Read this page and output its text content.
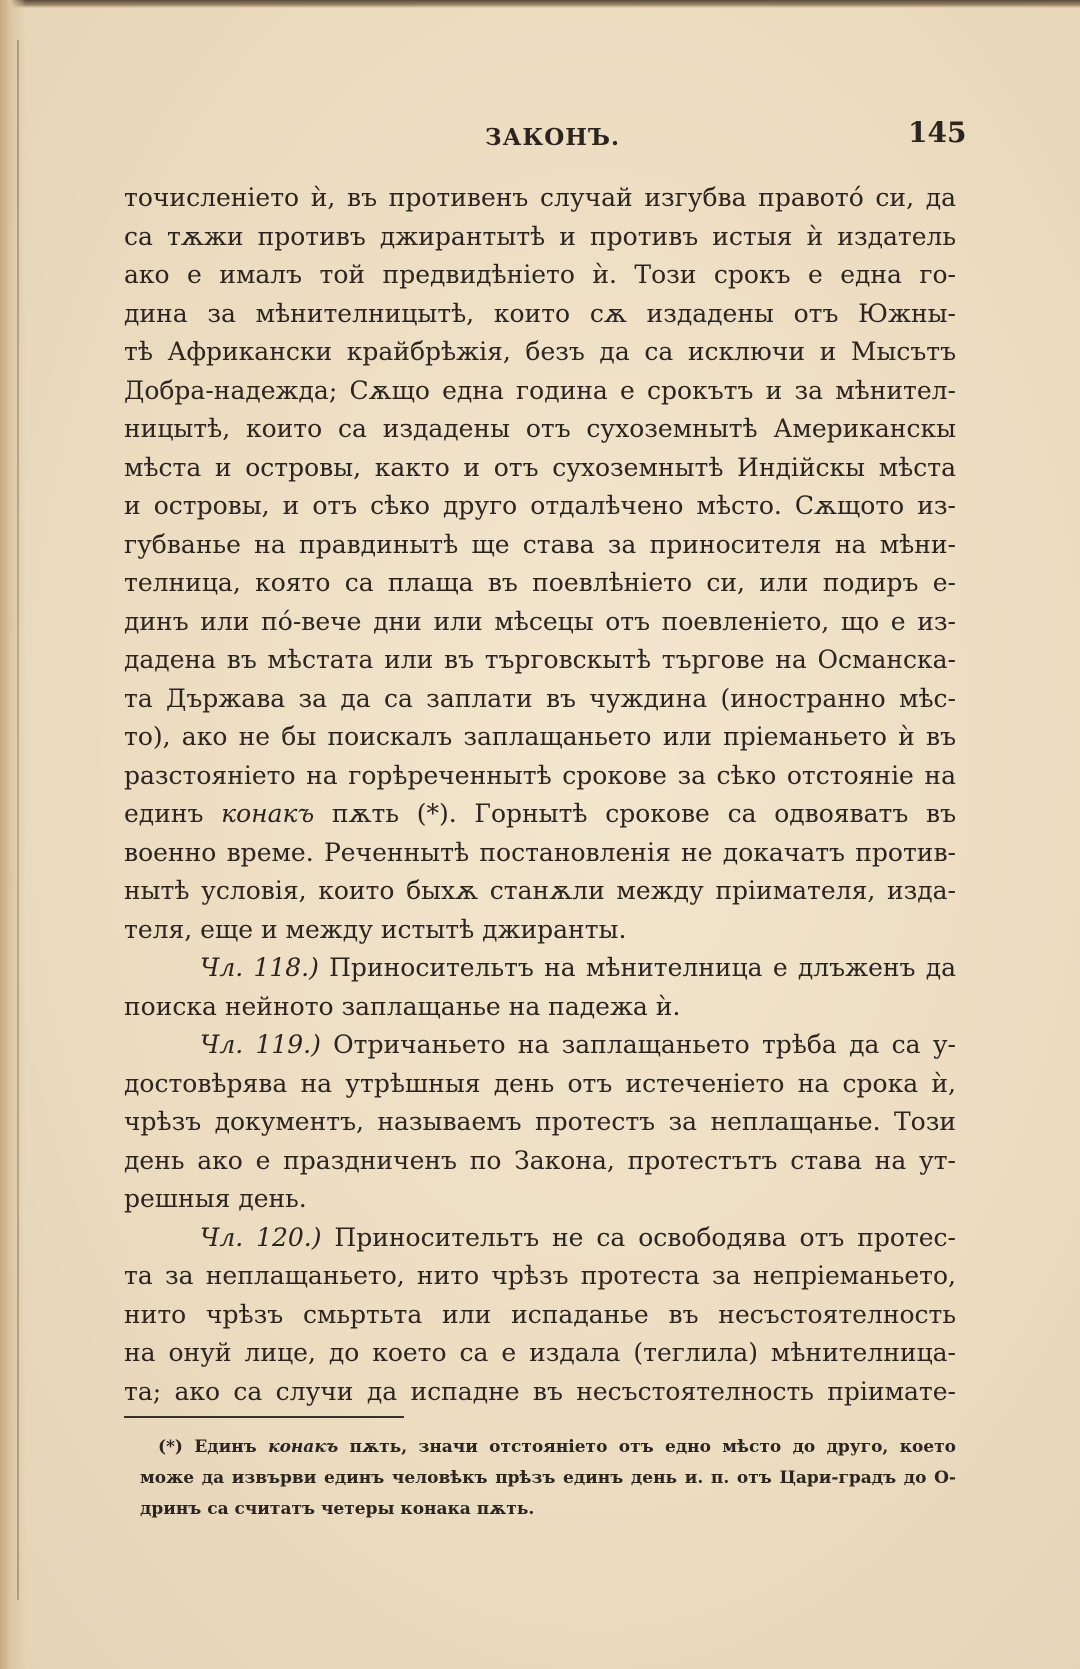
ЗАКОНЪ.	145
точисленiето ѝ, въ противенъ случай изгубва правото́ си, да
са тѫжи противъ джирантытѣ и противъ истыя ѝ издатель
ако е ималъ той предвидѣнiето ѝ. Този срокъ е една го-
дина за мѣнителницытѣ, които сѫ издадены отъ Южны-
тѣ Африкански крайбрѣжiя, безъ да са исключи и Мысътъ
Добра-надежда; Сѫщо една година е срокътъ и за мѣнител-
ницытѣ, които са издадены отъ сухоземнытѣ Американскы
мѣста и островы, както и отъ сухоземнытѣ Индiйскы мѣста
и островы, и отъ сѣко друго отдалѣчено мѣсто. Сѫщото из-
губванье на правдинытѣ ще става за приносителя на мѣни-
телница, която са плаща въ поевлѣнiето си, или подиръ е-
динъ или по́-вече дни или мѣсецы отъ поевленiето, що е из-
дадена въ мѣстата или въ търговскытѣ търгове на Османска-
та Държава за да са заплати въ чуждина (иностранно мѣс-
то), ако не бы поискалъ заплащаньето или прiеманьето ѝ въ
разстоянiето на горѣреченнытѣ срокове за сѣко отстоянiе на
единъ конакъ пѫть (*). Горнытѣ срокове са одвояватъ въ
военно време. Реченнытѣ постановленiя не докачатъ против-
нытѣ условiя, които быхѫ станѫли между прiимателя, изда-
теля, еще и между истытѣ джиранты.
Чл. 118.) Приносительтъ на мѣнителница е длъженъ да
поиска нейното заплащанье на падежа ѝ.
Чл. 119.) Отричаньето на заплащаньето трѣба да са у-
достовѣрява на утрѣшныя день отъ истеченiето на срока ѝ,
чрѣзъ документъ, называемъ протестъ за неплащанье. Този
день ако е праздниченъ по Закона, протестътъ става на ут-
решныя день.
Чл. 120.) Приносительтъ не са освободява отъ протес-
та за неплащаньето, нито чрѣзъ протеста за непрiеманьето,
нито чрѣзъ смьртьта или испаданье въ несъстоятелность
на онуй лице, до което са е издала (теглила) мѣнителница-
та; ако са случи да испадне въ несъстоятелность прiимате-
(*) Единъ конакъ пѫть, значи отстоянiето отъ едно мѣсто до друго, което
може да извърви единъ человѣкъ прѣзъ единъ день и. п. отъ Цари-градъ до О-
дринъ са считатъ четеры конака пѫть.
